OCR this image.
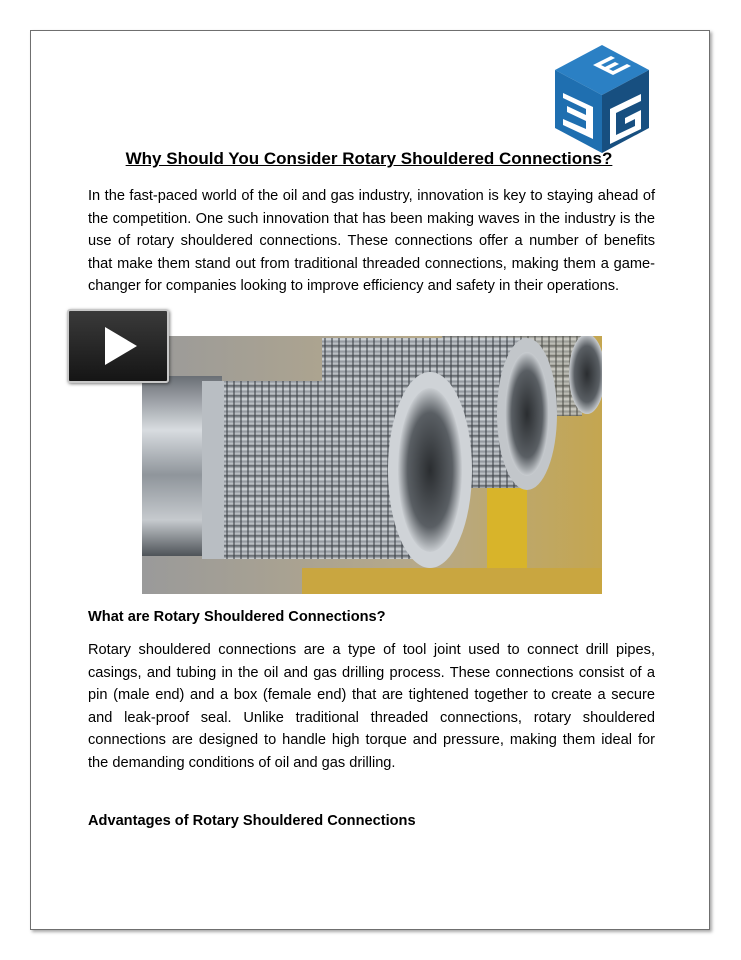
Why Should You Consider Rotary Shouldered Connections?

In the fast-paced world of the oil and gas industry, innovation is key to staying ahead of the competition. One such innovation that has been making waves in the industry is the use of rotary shouldered connections. These connections offer a number of benefits that make them stand out from traditional threaded connections, making them a game-changer for companies looking to improve efficiency and safety in their operations.

What are Rotary Shouldered Connections?

Rotary shouldered connections are a type of tool joint used to connect drill pipes, casings, and tubing in the oil and gas drilling process. These connections consist of a pin (male end) and a box (female end) that are tightened together to create a secure and leak-proof seal. Unlike traditional threaded connections, rotary shouldered connections are designed to handle high torque and pressure, making them ideal for the demanding conditions of oil and gas drilling.

Advantages of Rotary Shouldered Connections
